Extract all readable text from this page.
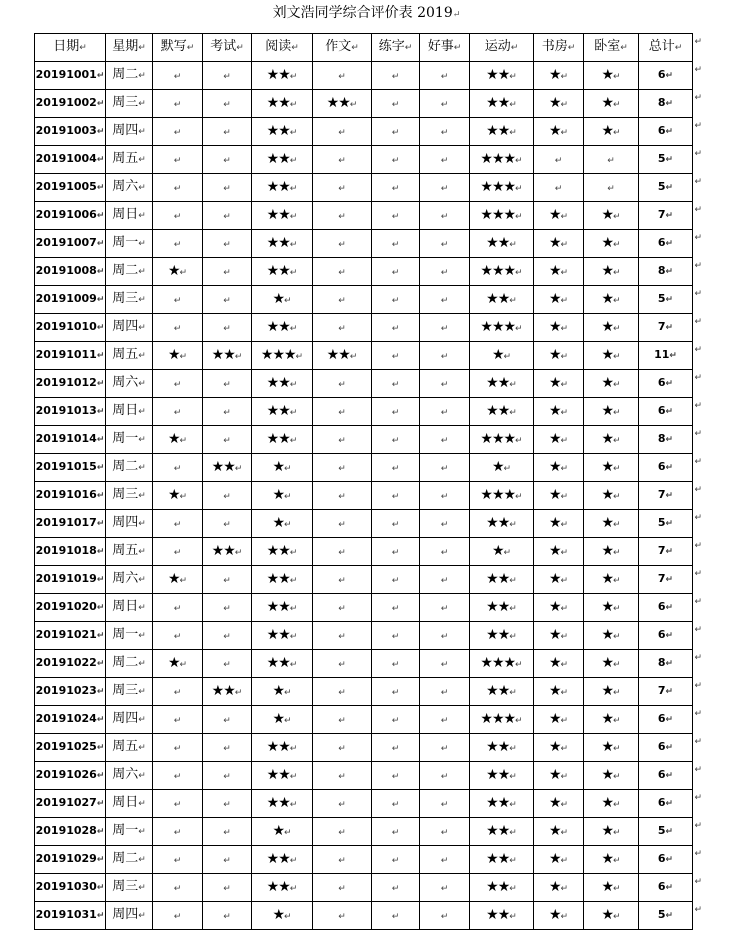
刘文浩同学综合评价表 2019↵
日期↵	星期↵	默写↵	考试↵	阅读↵	作文↵	练字↵	好事↵	运动↵	书房↵	卧室↵	总计↵
20191001↵	周二↵	↵	↵	★★↵	↵	↵	↵	★★↵	★↵	★↵	6↵
20191002↵	周三↵	↵	↵	★★↵	★★↵	↵	↵	★★↵	★↵	★↵	8↵
20191003↵	周四↵	↵	↵	★★↵	↵	↵	↵	★★↵	★↵	★↵	6↵
20191004↵	周五↵	↵	↵	★★↵	↵	↵	↵	★★★↵	↵	↵	5↵
20191005↵	周六↵	↵	↵	★★↵	↵	↵	↵	★★★↵	↵	↵	5↵
20191006↵	周日↵	↵	↵	★★↵	↵	↵	↵	★★★↵	★↵	★↵	7↵
20191007↵	周一↵	↵	↵	★★↵	↵	↵	↵	★★↵	★↵	★↵	6↵
20191008↵	周二↵	★↵	↵	★★↵	↵	↵	↵	★★★↵	★↵	★↵	8↵
20191009↵	周三↵	↵	↵	★↵	↵	↵	↵	★★↵	★↵	★↵	5↵
20191010↵	周四↵	↵	↵	★★↵	↵	↵	↵	★★★↵	★↵	★↵	7↵
20191011↵	周五↵	★↵	★★↵	★★★↵	★★↵	↵	↵	★↵	★↵	★↵	11↵
20191012↵	周六↵	↵	↵	★★↵	↵	↵	↵	★★↵	★↵	★↵	6↵
20191013↵	周日↵	↵	↵	★★↵	↵	↵	↵	★★↵	★↵	★↵	6↵
20191014↵	周一↵	★↵	↵	★★↵	↵	↵	↵	★★★↵	★↵	★↵	8↵
20191015↵	周二↵	↵	★★↵	★↵	↵	↵	↵	★↵	★↵	★↵	6↵
20191016↵	周三↵	★↵	↵	★↵	↵	↵	↵	★★★↵	★↵	★↵	7↵
20191017↵	周四↵	↵	↵	★↵	↵	↵	↵	★★↵	★↵	★↵	5↵
20191018↵	周五↵	↵	★★↵	★★↵	↵	↵	↵	★↵	★↵	★↵	7↵
20191019↵	周六↵	★↵	↵	★★↵	↵	↵	↵	★★↵	★↵	★↵	7↵
20191020↵	周日↵	↵	↵	★★↵	↵	↵	↵	★★↵	★↵	★↵	6↵
20191021↵	周一↵	↵	↵	★★↵	↵	↵	↵	★★↵	★↵	★↵	6↵
20191022↵	周二↵	★↵	↵	★★↵	↵	↵	↵	★★★↵	★↵	★↵	8↵
20191023↵	周三↵	↵	★★↵	★↵	↵	↵	↵	★★↵	★↵	★↵	7↵
20191024↵	周四↵	↵	↵	★↵	↵	↵	↵	★★★↵	★↵	★↵	6↵
20191025↵	周五↵	↵	↵	★★↵	↵	↵	↵	★★↵	★↵	★↵	6↵
20191026↵	周六↵	↵	↵	★★↵	↵	↵	↵	★★↵	★↵	★↵	6↵
20191027↵	周日↵	↵	↵	★★↵	↵	↵	↵	★★↵	★↵	★↵	6↵
20191028↵	周一↵	↵	↵	★↵	↵	↵	↵	★★↵	★↵	★↵	5↵
20191029↵	周二↵	↵	↵	★★↵	↵	↵	↵	★★↵	★↵	★↵	6↵
20191030↵	周三↵	↵	↵	★★↵	↵	↵	↵	★★↵	★↵	★↵	6↵
20191031↵	周四↵	↵	↵	★↵	↵	↵	↵	★★↵	★↵	★↵	5↵
↵
↵
↵
↵
↵
↵
↵
↵
↵
↵
↵
↵
↵
↵
↵
↵
↵
↵
↵
↵
↵
↵
↵
↵
↵
↵
↵
↵
↵
↵
↵
↵
